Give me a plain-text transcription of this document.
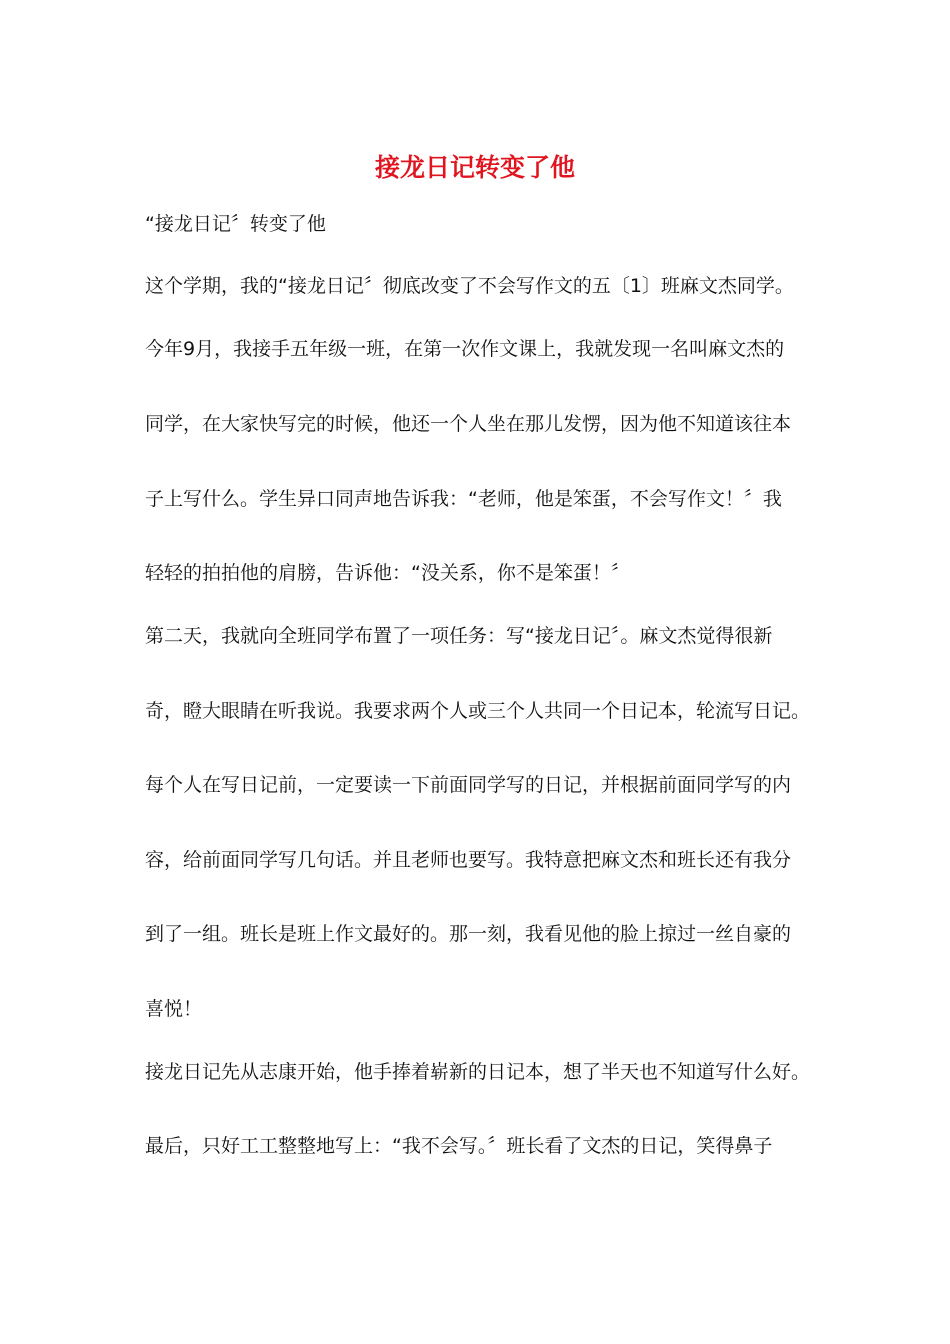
接龙日记转变了他

“接龙日记〞转变了他

这个学期，我的“接龙日记〞彻底改变了不会写作文的五〔1〕班麻文杰同学。

今年9月，我接手五年级一班，在第一次作文课上，我就发现一名叫麻文杰的

同学，在大家快写完的时候，他还一个人坐在那儿发愣，因为他不知道该往本

子上写什么。学生异口同声地告诉我：“老师，他是笨蛋，不会写作文！〞我

轻轻的拍拍他的肩膀，告诉他：“没关系，你不是笨蛋！〞

第二天，我就向全班同学布置了一项任务：写“接龙日记〞。麻文杰觉得很新

奇，瞪大眼睛在听我说。我要求两个人或三个人共同一个日记本，轮流写日记。

每个人在写日记前，一定要读一下前面同学写的日记，并根据前面同学写的内

容，给前面同学写几句话。并且老师也要写。我特意把麻文杰和班长还有我分

到了一组。班长是班上作文最好的。那一刻，我看见他的脸上掠过一丝自豪的

喜悦！

接龙日记先从志康开始，他手捧着崭新的日记本，想了半天也不知道写什么好。

最后，只好工工整整地写上：“我不会写。〞班长看了文杰的日记，笑得鼻子
